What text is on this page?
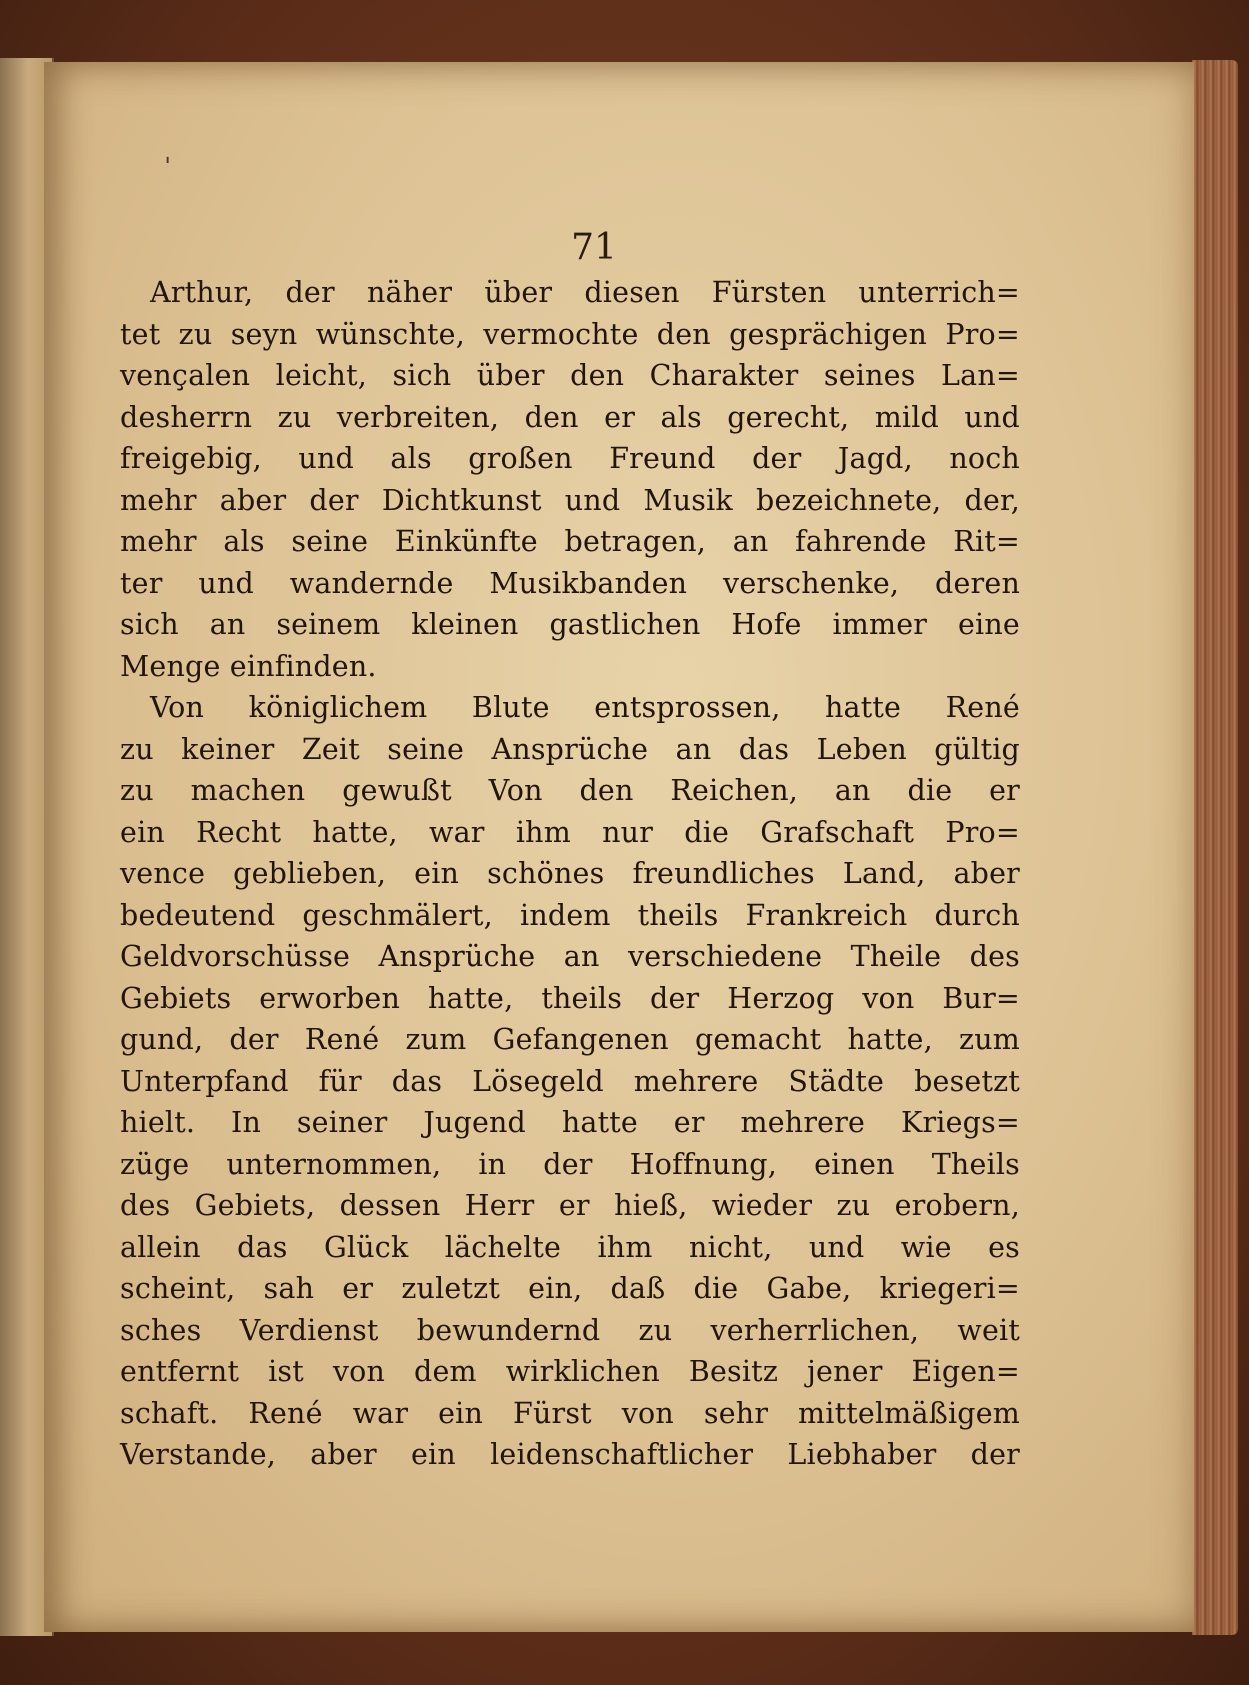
ˈ
71
Arthur, der näher über diesen Fürsten unterrich=
tet zu seyn wünschte, vermochte den gesprächigen Pro=
vençalen leicht, sich über den Charakter seines Lan=
desherrn zu verbreiten, den er als gerecht, mild und
freigebig, und als großen Freund der Jagd, noch
mehr aber der Dichtkunst und Musik bezeichnete, der,
mehr als seine Einkünfte betragen, an fahrende Rit=
ter und wandernde Musikbanden verschenke, deren
sich an seinem kleinen gastlichen Hofe immer eine
Menge einfinden.
Von königlichem Blute entsprossen, hatte René
zu keiner Zeit seine Ansprüche an das Leben gültig
zu machen gewußt Von den Reichen, an die er
ein Recht hatte, war ihm nur die Grafschaft Pro=
vence geblieben, ein schönes freundliches Land, aber
bedeutend geschmälert, indem theils Frankreich durch
Geldvorschüsse Ansprüche an verschiedene Theile des
Gebiets erworben hatte, theils der Herzog von Bur=
gund, der René zum Gefangenen gemacht hatte, zum
Unterpfand für das Lösegeld mehrere Städte besetzt
hielt. In seiner Jugend hatte er mehrere Kriegs=
züge unternommen, in der Hoffnung, einen Theils
des Gebiets, dessen Herr er hieß, wieder zu erobern,
allein das Glück lächelte ihm nicht, und wie es
scheint, sah er zuletzt ein, daß die Gabe, kriegeri=
sches Verdienst bewundernd zu verherrlichen, weit
entfernt ist von dem wirklichen Besitz jener Eigen=
schaft. René war ein Fürst von sehr mittelmäßigem
Verstande, aber ein leidenschaftlicher Liebhaber der
